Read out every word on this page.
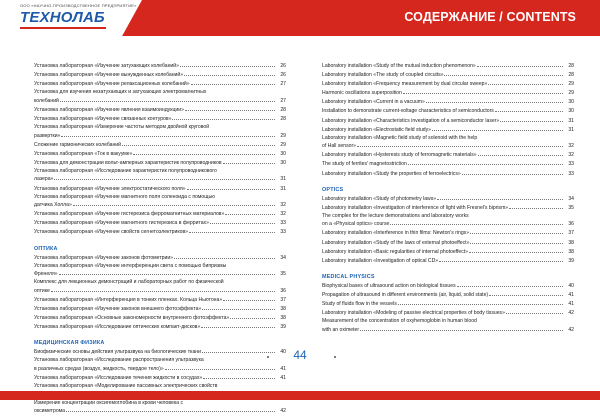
ООО «НАУЧНО-ПРОИЗВОДСТВЕННОЕ ПРЕДПРИЯТИЕ»
ТЕХНОЛАБ	СОДЕРЖАНИЕ / CONTENTS
Установка лабораторная «Изучение затухающих колебаний»	26
Установка лабораторная «Изучение вынужденных колебаний»	26
Установка лабораторная «Изучение релаксационных колебаний»	27
Установка для изучения незатухающих и затухающих электромагнитных
колебаний	27
Установка лабораторная «Изучение явления взаимоиндукции»	28
Установка лабораторная «Изучение связанных контуров»	28
Установка лабораторная «Измерение частоты методом двойной круговой
развертки»	29
Сложение гармонических колебаний	29
Установка лабораторная «Ток в вакууме»	30
Установка для демонстрации вольт-амперных характеристик полупроводников	30
Установка лабораторная «Исследование характеристик полупроводникового
лазера»	31
Установка лабораторная «Изучение электростатического поля»	31
Установка лабораторная «Изучение магнитного поля соленоида с помощью
датчика Холла»	32
Установка лабораторная «Изучение гистерезиса ферромагнитных материалов»	32
Установка лабораторная «Изучение магнитного гистерезиса в ферритах»	33
Установка лабораторная «Изучение свойств сегнетоэлектриков»	33
ОПТИКА
Установка лабораторная «Изучение законов фотометрии»	34
Установка лабораторная «Изучение интерференции света с помощью бипризмы
Френеля»	35
Комплекс для лекционных демонстраций и лабораторных работ по физической
оптике	36
Установка лабораторная «Интерференция в тонких пленках. Кольца Ньютона»	37
Установка лабораторная «Изучение законов внешнего фотоэффекта»	38
Установка лабораторная «Основные закономерности внутреннего фотоэффекта»	38
Установка лабораторная «Исследование оптических компакт-дисков»	39
МЕДИЦИНСКАЯ ФИЗИКА
Биофизические основы действия ультразвука на биологические ткани	40
Установка лабораторная «Исследование распространения ультразвука
в различных средах (воздух, жидкость, твердое тело)»	41
Установка лабораторная «Исследование течения жидкости в сосудах»	41
Установка лабораторная «Моделирование пассивных электрических свойств
Измерение концентрации оксигемоглобина в крови человека с
оксиметрома	42
Laboratory installation «Study of the mutual induction phenomenon»	28
Laboratory installation «The study of coupled circuits»	28
Laboratory installation «Frequency measurement by dual circular sweep»	29
Harmonic oscillations superposition	29
Laboratory installation «Current in a vacuum»	30
Installation to demonstrate current-voltage characteristics of semiconductors	30
Laboratory installation «Characteristics investigation of a semiconductor laser»	31
Laboratory installation «Electrostatic field study»	31
Laboratory installation «Magnetic field study of solenoid with the help
of Hall sensor»	32
Laboratory installation «Hysteresis study of ferromagnetic materials»	32
The study of ferrites' magnetostriction	33
Laboratory installation «Study the properties of ferroelectrics»	33
OPTICS
Laboratory installation «Study of photometry laws»	34
Laboratory installation «Investigation of interference of light with Fresnel's biprism»	35
The complex for the lecture demonstrations and laboratory works
on a «Physical optics» course	36
Laboratory installation «Interference in thin films: Newton's rings»	37
Laboratory installation «Study of the laws of external photoeffect»	38
Laboratory installation «Basic regularities of internal photoeffect»	38
Laboratory installation «Investigation of optical CD»	39
MEDICAL PHYSICS
Biophysical bases of ultrasound action on biological tissues	40
Propagation of ultrasound in different environments (air, liquid, solid state)	41
Study of fluids flow in the vessels	41
Laboratory installation «Modeling of passive electrical properties of body tissues»	42
Measurement of the concentration of oxyhemoglobin in human blood
with an oximeter	42
44
